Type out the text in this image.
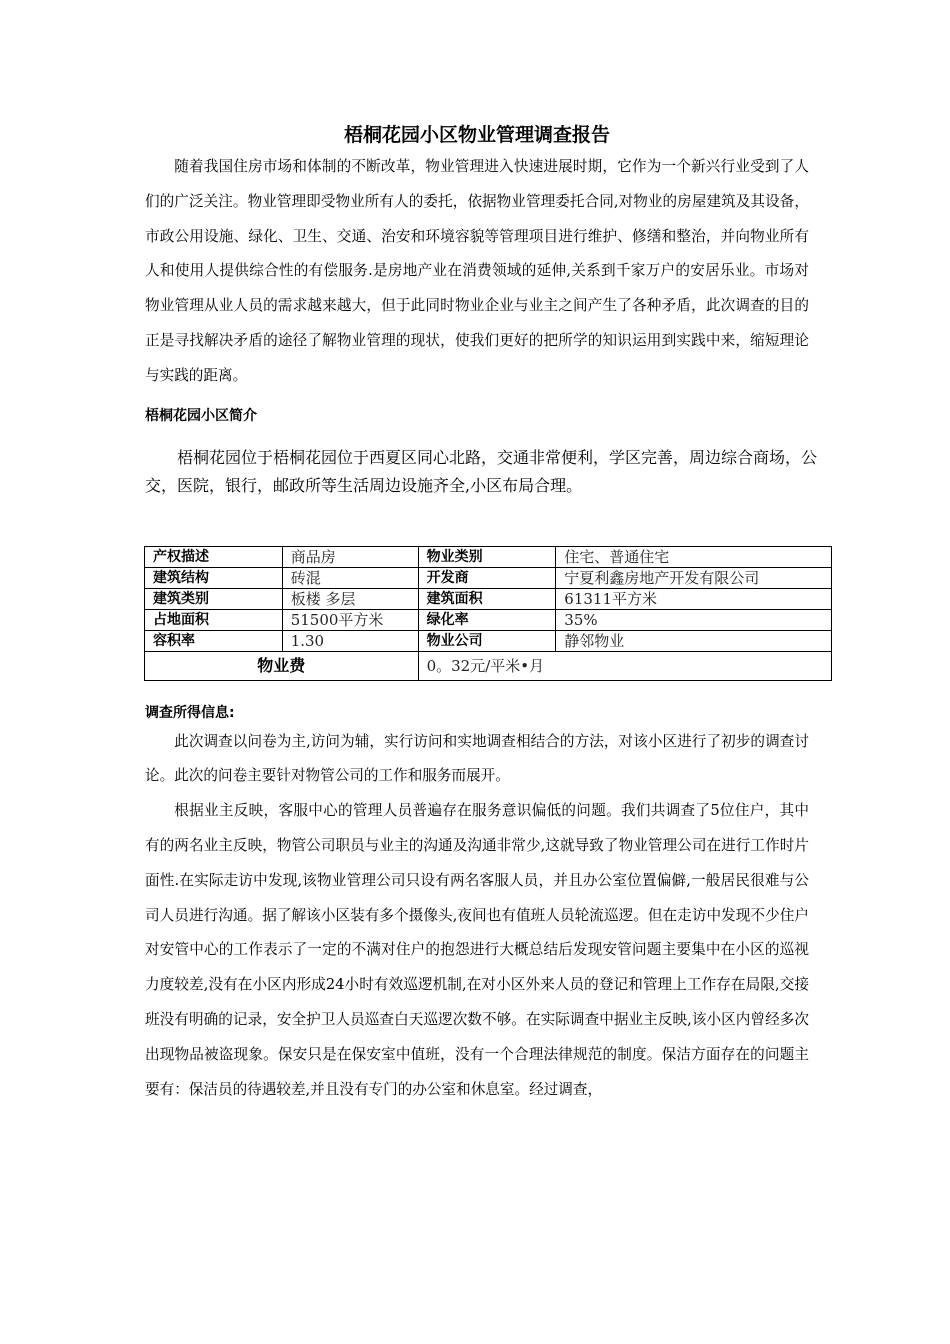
梧桐花园小区物业管理调查报告

随着我国住房市场和体制的不断改革，物业管理进入快速进展时期，它作为一个新兴行业受到了人们的广泛关注。物业管理即受物业所有人的委托，依据物业管理委托合同,对物业的房屋建筑及其设备，市政公用设施、绿化、卫生、交通、治安和环境容貌等管理项目进行维护、修缮和整治，并向物业所有人和使用人提供综合性的有偿服务.是房地产业在消费领域的延伸,关系到千家万户的安居乐业。市场对物业管理从业人员的需求越来越大，但于此同时物业企业与业主之间产生了各种矛盾，此次调查的目的正是寻找解决矛盾的途径了解物业管理的现状，使我们更好的把所学的知识运用到实践中来，缩短理论与实践的距离。

梧桐花园小区简介

梧桐花园位于梧桐花园位于西夏区同心北路，交通非常便利，学区完善，周边综合商场，公交，医院，银行，邮政所等生活周边设施齐全,小区布局合理。

产权描述	商品房	物业类别	住宅、普通住宅
建筑结构	砖混	开发商	宁夏利鑫房地产开发有限公司
建筑类别	板楼 多层	建筑面积	61311平方米
占地面积	51500平方米	绿化率	35%
容积率	1.30	物业公司	静邻物业
物业费		0。32元/平米•月	

调查所得信息:

此次调查以问卷为主,访问为辅，实行访问和实地调查相结合的方法，对该小区进行了初步的调查讨论。此次的问卷主要针对物管公司的工作和服务而展开。

根据业主反映，客服中心的管理人员普遍存在服务意识偏低的问题。我们共调查了5位住户，其中有的两名业主反映，物管公司职员与业主的沟通及沟通非常少,这就导致了物业管理公司在进行工作时片面性.在实际走访中发现,该物业管理公司只设有两名客服人员，并且办公室位置偏僻,一般居民很难与公司人员进行沟通。据了解该小区装有多个摄像头,夜间也有值班人员轮流巡逻。但在走访中发现不少住户对安管中心的工作表示了一定的不满对住户的抱怨进行大概总结后发现安管问题主要集中在小区的巡视力度较差,没有在小区内形成24小时有效巡逻机制,在对小区外来人员的登记和管理上工作存在局限,交接班没有明确的记录，安全护卫人员巡查白天巡逻次数不够。在实际调查中据业主反映,该小区内曾经多次出现物品被盗现象。保安只是在保安室中值班，没有一个合理法律规范的制度。保洁方面存在的问题主要有：保洁员的待遇较差,并且没有专门的办公室和休息室。经过调查，
